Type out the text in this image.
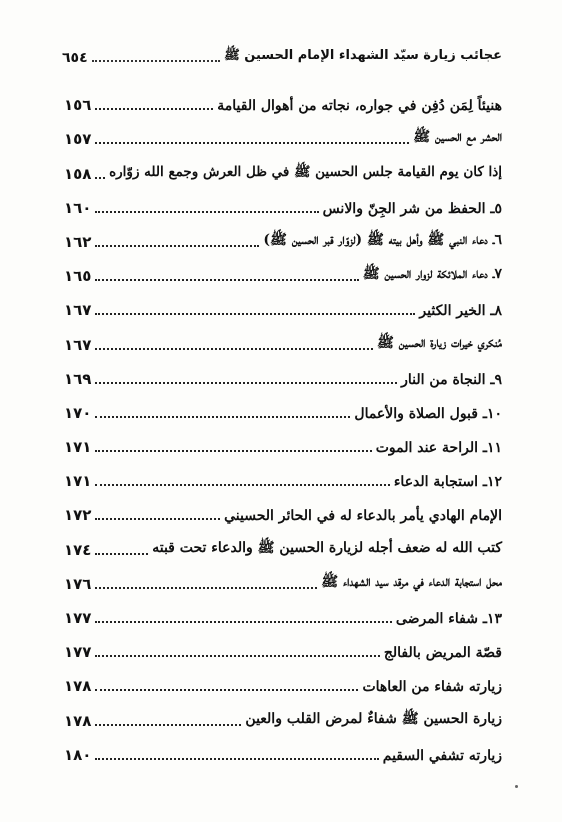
عجائب زيارة سيّد الشهداء الإمام الحسين ﷺ
٦٥٤
هنيئاً لِمَن دُفِن في جواره، نجاته من أهوال القيامة
١٥٦
الحشر مع الحسين ﷺ
١٥٧
إذا كان يوم القيامة جلس الحسين ﷺ في ظل العرش وجمع الله زوّاره
١٥٨
٥ـ الحفظ من شر الجِنّ والانس
١٦٠
٦ـ دعاء النبي ﷺ وأهل بيته ﷺ (لزوّار قبر الحسين ﷺ)
١٦٢
٧ـ دعاء الملائكة لزوار الحسين ﷺ
١٦٥
٨ـ الخير الكثير
١٦٧
مُنكري خيرات زيارة الحسين ﷺ
١٦٧
٩ـ النجاة من النار
١٦٩
١٠ـ قبول الصلاة والأعمال
١٧٠
١١ـ الراحة عند الموت
١٧١
١٢ـ استجابة الدعاء
١٧١
الإمام الهادي يأمر بالدعاء له في الحائر الحسيني
١٧٢
كتب الله له ضعف أجله لزيارة الحسين ﷺ والدعاء تحت قبته
١٧٤
محل استجابة الدعاء في مرقد سيد الشهداء ﷺ
١٧٦
١٣ـ شفاء المرضى
١٧٧
قصّة المريض بالفالج
١٧٧
زيارته شفاء من العاهات
١٧٨
زيارة الحسين ﷺ شفاءٌ لمرض القلب والعين
١٧٨
زيارته تشفي السقيم
١٨٠
